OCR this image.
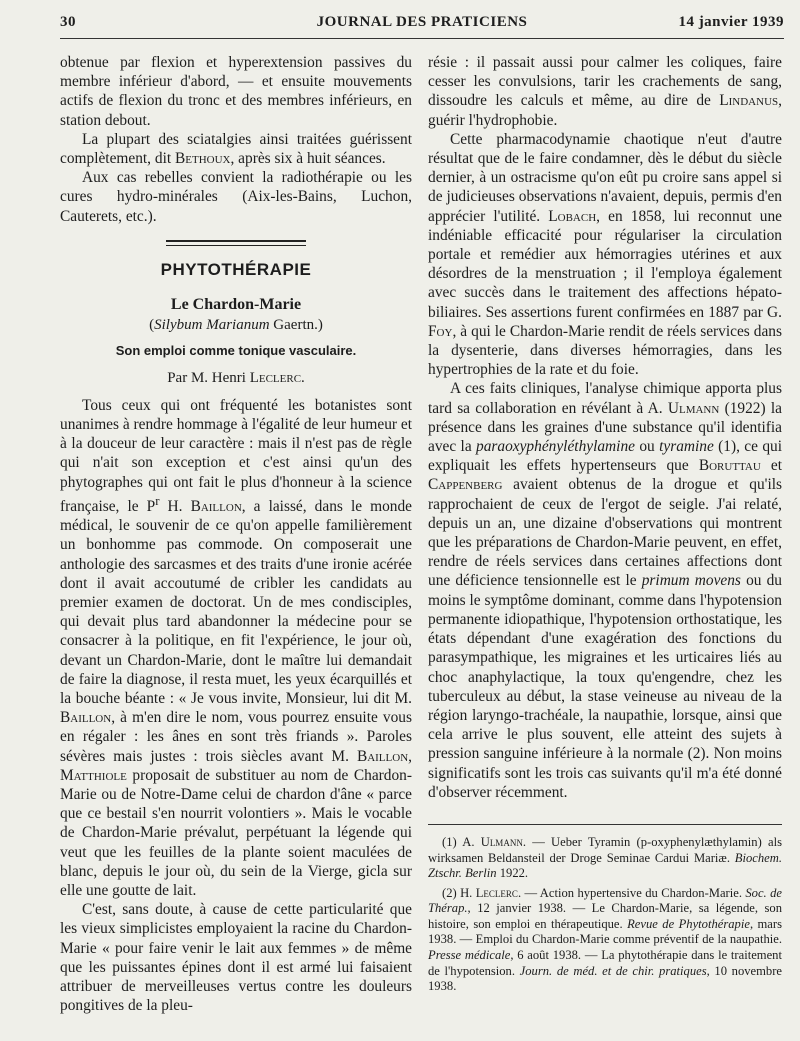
30	JOURNAL DES PRATICIENS	14 janvier 1939

obtenue par flexion et hyperextension passives du membre inférieur d'abord, — et ensuite mouvements actifs de flexion du tronc et des membres inférieurs, en station debout.

La plupart des sciatalgies ainsi traitées guérissent complètement, dit Bethoux, après six à huit séances.

Aux cas rebelles convient la radiothérapie ou les cures hydro-minérales (Aix-les-Bains, Luchon, Cauterets, etc.).

PHYTOTHÉRAPIE
Le Chardon-Marie
(Silybum Marianum Gaertn.)
Son emploi comme tonique vasculaire.
Par M. Henri Leclerc.

Tous ceux qui ont fréquenté les botanistes sont unanimes à rendre hommage à l'égalité de leur humeur et à la douceur de leur caractère : mais il n'est pas de règle qui n'ait son exception et c'est ainsi qu'un des phytographes qui ont fait le plus d'honneur à la science française, le $P^r$ H. Baillon, a laissé, dans le monde médical, le souvenir de ce qu'on appelle familièrement un bonhomme pas commode. On composerait une anthologie des sarcasmes et des traits d'une ironie acérée dont il avait accoutumé de cribler les candidats au premier examen de doctorat. Un de mes condisciples, qui devait plus tard abandonner la médecine pour se consacrer à la politique, en fit l'expérience, le jour où, devant un Chardon-Marie, dont le maître lui demandait de faire la diagnose, il resta muet, les yeux écarquillés et la bouche béante : « Je vous invite, Monsieur, lui dit M. Baillon, à m'en dire le nom, vous pourrez ensuite vous en régaler : les ânes en sont très friands ». Paroles sévères mais justes : trois siècles avant M. Baillon, Matthiole proposait de substituer au nom de Chardon-Marie ou de Notre-Dame celui de chardon d'âne « parce que ce bestail s'en nourrit volontiers ». Mais le vocable de Chardon-Marie prévalut, perpétuant la légende qui veut que les feuilles de la plante soient maculées de blanc, depuis le jour où, du sein de la Vierge, gicla sur elle une goutte de lait.

C'est, sans doute, à cause de cette particularité que les vieux simplicistes employaient la racine du Chardon-Marie « pour faire venir le lait aux femmes » de même que les puissantes épines dont il est armé lui faisaient attribuer de merveilleuses vertus contre les douleurs pongitives de la pleu-

résie : il passait aussi pour calmer les coliques, faire cesser les convulsions, tarir les crachements de sang, dissoudre les calculs et même, au dire de Lindanus, guérir l'hydrophobie.

Cette pharmacodynamie chaotique n'eut d'autre résultat que de le faire condamner, dès le début du siècle dernier, à un ostracisme qu'on eût pu croire sans appel si de judicieuses observations n'avaient, depuis, permis d'en apprécier l'utilité. Lobach, en 1858, lui reconnut une indéniable efficacité pour régulariser la circulation portale et remédier aux hémorragies utérines et aux désordres de la menstruation ; il l'employa également avec succès dans le traitement des affections hépato-biliaires. Ses assertions furent confirmées en 1887 par G. Foy, à qui le Chardon-Marie rendit de réels services dans la dysenterie, dans diverses hémorragies, dans les hypertrophies de la rate et du foie.

A ces faits cliniques, l'analyse chimique apporta plus tard sa collaboration en révélant à A. Ulmann (1922) la présence dans les graines d'une substance qu'il identifia avec la paraoxyphényléthylamine ou tyramine (1), ce qui expliquait les effets hypertenseurs que Boruttau et Cappenberg avaient obtenus de la drogue et qu'ils rapprochaient de ceux de l'ergot de seigle. J'ai relaté, depuis un an, une dizaine d'observations qui montrent que les préparations de Chardon-Marie peuvent, en effet, rendre de réels services dans certaines affections dont une déficience tensionnelle est le primum movens ou du moins le symptôme dominant, comme dans l'hypotension permanente idiopathique, l'hypotension orthostatique, les états dépendant d'une exagération des fonctions du parasympathique, les migraines et les urticaires liés au choc anaphylactique, la toux qu'engendre, chez les tuberculeux au début, la stase veineuse au niveau de la région laryngo-trachéale, la naupathie, lorsque, ainsi que cela arrive le plus souvent, elle atteint des sujets à pression sanguine inférieure à la normale (2). Non moins significatifs sont les trois cas suivants qu'il m'a été donné d'observer récemment.

(1) A. Ulmann. — Ueber Tyramin (p-oxyphenylæthylamin) als wirksamen Beldansteil der Droge Seminae Cardui Mariæ. Biochem. Ztschr. Berlin 1922.

(2) H. Leclerc. — Action hypertensive du Chardon-Marie. Soc. de Thérap., 12 janvier 1938. — Le Chardon-Marie, sa légende, son histoire, son emploi en thérapeutique. Revue de Phytothérapie, mars 1938. — Emploi du Chardon-Marie comme préventif de la naupathie. Presse médicale, 6 août 1938. — La phytothérapie dans le traitement de l'hypotension. Journ. de méd. et de chir. pratiques, 10 novembre 1938.
